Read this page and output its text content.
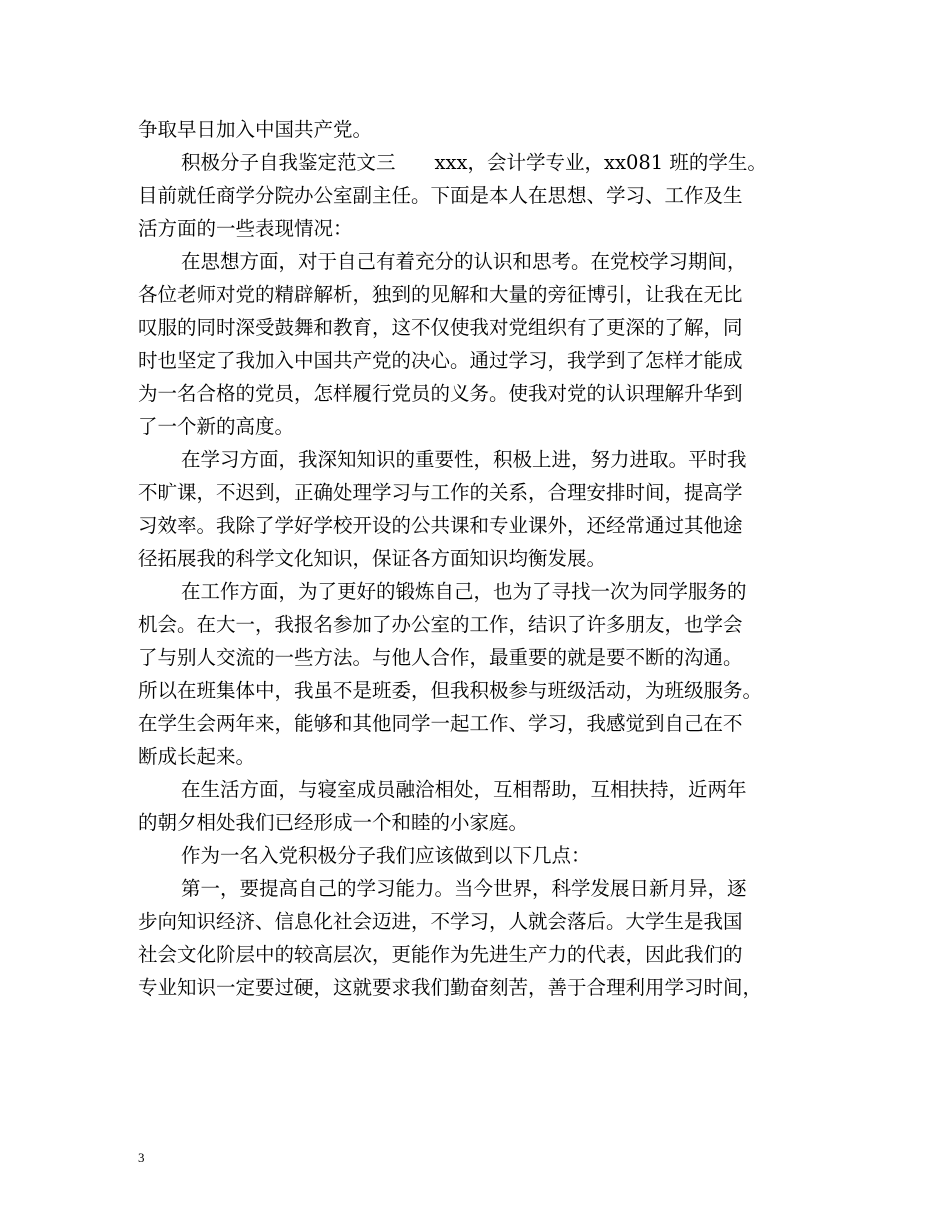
争取早日加入中国共产党。
积极分子自我鉴定范文三　　xxx，会计学专业，xx081 班的学生。
目前就任商学分院办公室副主任。下面是本人在思想、学习、工作及生
活方面的一些表现情况：
在思想方面，对于自己有着充分的认识和思考。在党校学习期间，
各位老师对党的精辟解析，独到的见解和大量的旁征博引，让我在无比
叹服的同时深受鼓舞和教育，这不仅使我对党组织有了更深的了解，同
时也坚定了我加入中国共产党的决心。通过学习，我学到了怎样才能成
为一名合格的党员，怎样履行党员的义务。使我对党的认识理解升华到
了一个新的高度。
在学习方面，我深知知识的重要性，积极上进，努力进取。平时我
不旷课，不迟到，正确处理学习与工作的关系，合理安排时间，提高学
习效率。我除了学好学校开设的公共课和专业课外，还经常通过其他途
径拓展我的科学文化知识，保证各方面知识均衡发展。
在工作方面，为了更好的锻炼自己，也为了寻找一次为同学服务的
机会。在大一，我报名参加了办公室的工作，结识了许多朋友，也学会
了与别人交流的一些方法。与他人合作，最重要的就是要不断的沟通。
所以在班集体中，我虽不是班委，但我积极参与班级活动，为班级服务。
在学生会两年来，能够和其他同学一起工作、学习，我感觉到自己在不
断成长起来。
在生活方面，与寝室成员融洽相处，互相帮助，互相扶持，近两年
的朝夕相处我们已经形成一个和睦的小家庭。
作为一名入党积极分子我们应该做到以下几点：
第一，要提高自己的学习能力。当今世界，科学发展日新月异，逐
步向知识经济、信息化社会迈进，不学习，人就会落后。大学生是我国
社会文化阶层中的较高层次，更能作为先进生产力的代表，因此我们的
专业知识一定要过硬，这就要求我们勤奋刻苦，善于合理利用学习时间，
3
